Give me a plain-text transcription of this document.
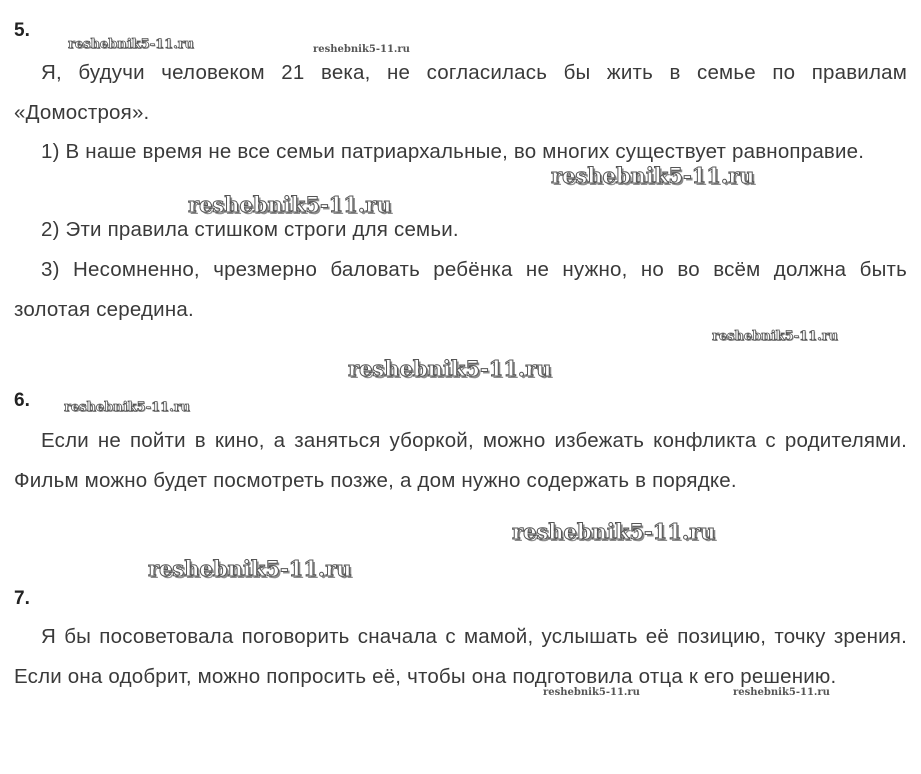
5.

Я, будучи человеком 21 века, не согласилась бы жить в семье по правилам «Домостроя».

1) В наше время не все семьи патриархальные, во многих существует равноправие.

2) Эти правила стишком строги для семьи.

3) Несомненно, чрезмерно баловать ребёнка не нужно, но во всём должна быть золотая середина.

6.

Если не пойти в кино, а заняться уборкой, можно избежать конфликта с родителями. Фильм можно будет посмотреть позже, а дом нужно содержать в порядке.

7.

Я бы посоветовала поговорить сначала с мамой, услышать её позицию, точку зрения. Если она одобрит, можно попросить её, чтобы она подготовила отца к его решению.

reshebnik5-11.ru	reshebnik5-11.ru
reshebnik5-11.ru
reshebnik5-11.ru
reshebnik5-11.ru
reshebnik5-11.ru
reshebnik5-11.ru
reshebnik5-11.ru
reshebnik5-11.ru
reshebnik5-11.ru	reshebnik5-11.ru
